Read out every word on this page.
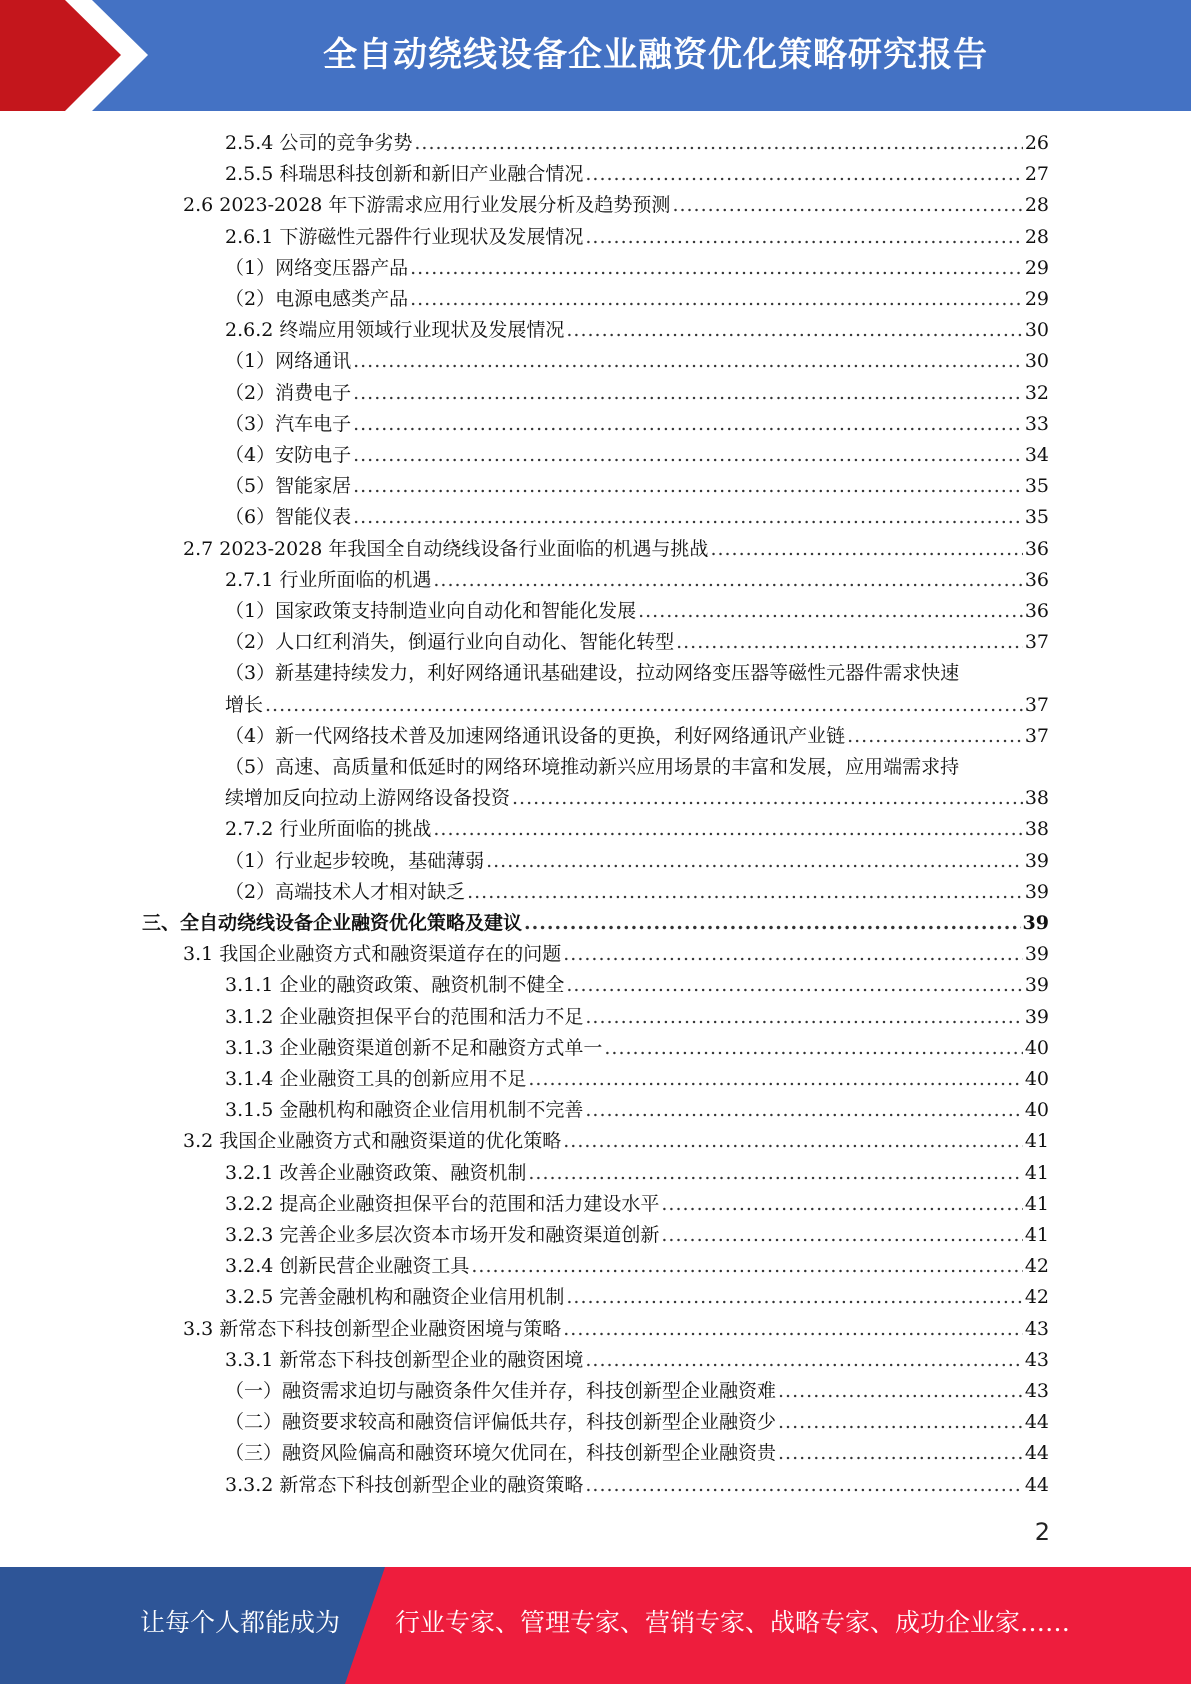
全自动绕线设备企业融资优化策略研究报告
2.5.4 公司的竞争劣势 .....	26
2.5.5 科瑞思科技创新和新旧产业融合情况 .....	27
2.6 2023-2028 年下游需求应用行业发展分析及趋势预测 .....	28
2.6.1 下游磁性元器件行业现状及发展情况 .....	28
（1）网络变压器产品 .....	29
（2）电源电感类产品 .....	29
2.6.2 终端应用领域行业现状及发展情况 .....	30
（1）网络通讯 .....	30
（2）消费电子 .....	32
（3）汽车电子 .....	33
（4）安防电子 .....	34
（5）智能家居 .....	35
（6）智能仪表 .....	35
2.7 2023-2028 年我国全自动绕线设备行业面临的机遇与挑战 .....	36
2.7.1 行业所面临的机遇 .....	36
（1）国家政策支持制造业向自动化和智能化发展 .....	36
（2）人口红利消失，倒逼行业向自动化、智能化转型 .....	37
（3）新基建持续发力，利好网络通讯基础建设，拉动网络变压器等磁性元器件需求快速
增长 .....	37
（4）新一代网络技术普及加速网络通讯设备的更换，利好网络通讯产业链 .....	37
（5）高速、高质量和低延时的网络环境推动新兴应用场景的丰富和发展，应用端需求持
续增加反向拉动上游网络设备投资 .....	38
2.7.2 行业所面临的挑战 .....	38
（1）行业起步较晚，基础薄弱 .....	39
（2）高端技术人才相对缺乏 .....	39
三、全自动绕线设备企业融资优化策略及建议 .....	39
3.1 我国企业融资方式和融资渠道存在的问题 .....	39
3.1.1 企业的融资政策、融资机制不健全 .....	39
3.1.2 企业融资担保平台的范围和活力不足 .....	39
3.1.3 企业融资渠道创新不足和融资方式单一 .....	40
3.1.4 企业融资工具的创新应用不足 .....	40
3.1.5 金融机构和融资企业信用机制不完善 .....	40
3.2 我国企业融资方式和融资渠道的优化策略 .....	41
3.2.1 改善企业融资政策、融资机制 .....	41
3.2.2 提高企业融资担保平台的范围和活力建设水平 .....	41
3.2.3 完善企业多层次资本市场开发和融资渠道创新 .....	41
3.2.4 创新民营企业融资工具 .....	42
3.2.5 完善金融机构和融资企业信用机制 .....	42
3.3 新常态下科技创新型企业融资困境与策略 .....	43
3.3.1 新常态下科技创新型企业的融资困境 .....	43
（一）融资需求迫切与融资条件欠佳并存，科技创新型企业融资难 .....	43
（二）融资要求较高和融资信评偏低共存，科技创新型企业融资少 .....	44
（三）融资风险偏高和融资环境欠优同在，科技创新型企业融资贵 .....	44
3.3.2 新常态下科技创新型企业的融资策略 .....	44
2
让每个人都能成为	行业专家、管理专家、营销专家、战略专家、成功企业家……
